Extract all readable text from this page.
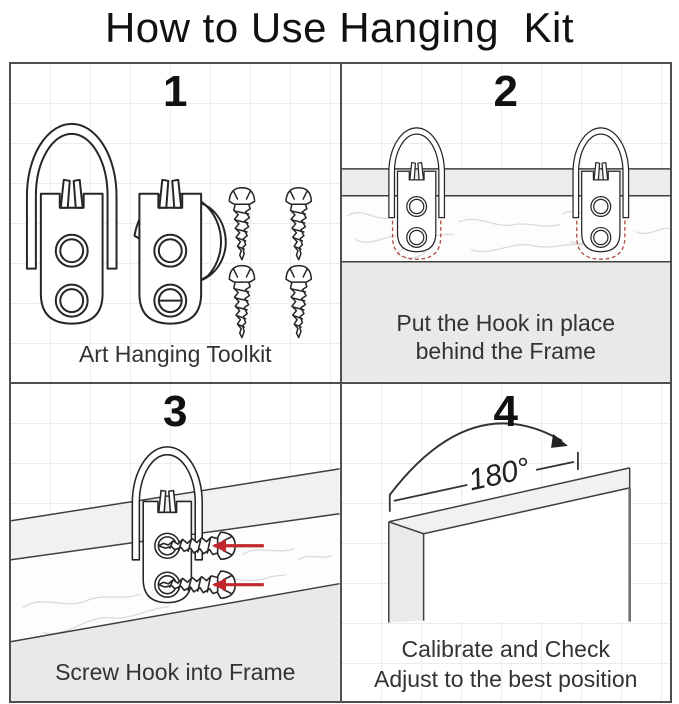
How to Use Hanging  Kit
1
Art Hanging Toolkit
2
Put the Hook in place
behind the Frame
3
Screw Hook into Frame
180°
4
Calibrate and Check
Adjust to the best position
